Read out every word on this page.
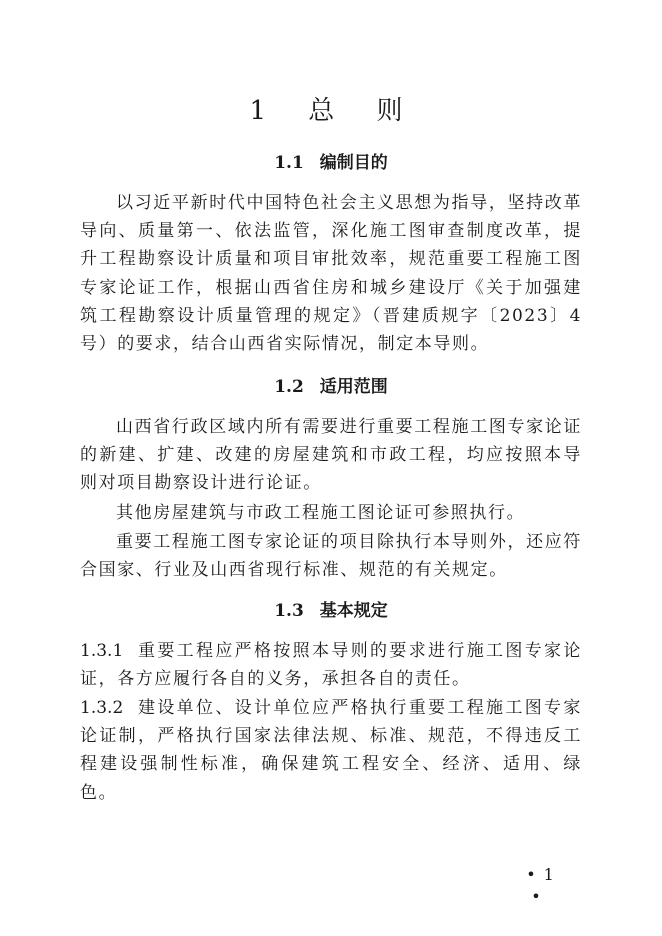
1 总 则
1.1 编制目的

以习近平新时代中国特色社会主义思想为指导，坚持改革导向、质量第一、依法监管，深化施工图审查制度改革，提升工程勘察设计质量和项目审批效率，规范重要工程施工图专家论证工作，根据山西省住房和城乡建设厅《关于加强建筑工程勘察设计质量管理的规定》（晋建质规字〔2023〕4号）的要求，结合山西省实际情况，制定本导则。

1.2 适用范围

山西省行政区域内所有需要进行重要工程施工图专家论证的新建、扩建、改建的房屋建筑和市政工程，均应按照本导则对项目勘察设计进行论证。

其他房屋建筑与市政工程施工图论证可参照执行。

重要工程施工图专家论证的项目除执行本导则外，还应符合国家、行业及山西省现行标准、规范的有关规定。

1.3 基本规定

1.3.1 重要工程应严格按照本导则的要求进行施工图专家论证，各方应履行各自的义务，承担各自的责任。

1.3.2 建设单位、设计单位应严格执行重要工程施工图专家论证制，严格执行国家法律法规、标准、规范，不得违反工程建设强制性标准，确保建筑工程安全、经济、适用、绿色。

• 1•
